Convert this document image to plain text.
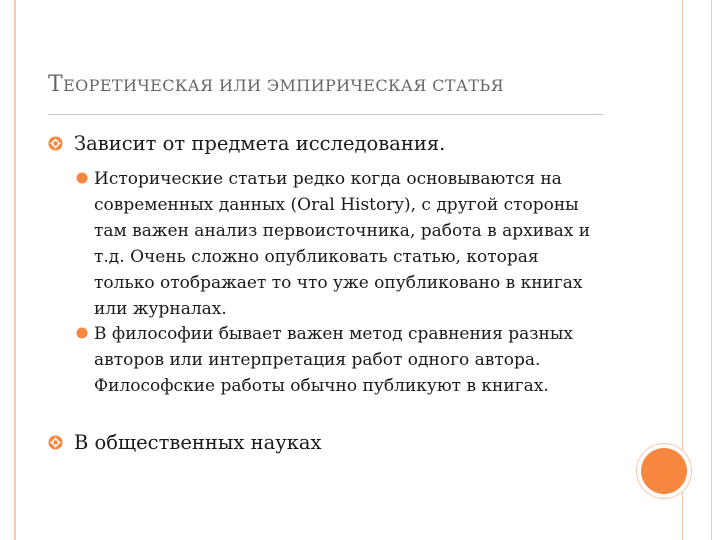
ТЕОРЕТИЧЕСКАЯ ИЛИ ЭМПИРИЧЕСКАЯ СТАТЬЯ
Зависит от предмета исследования.
Исторические статьи редко когда основываются на современных данных (Oral History), с другой стороны там важен анализ первоисточника, работа в архивах и т.д. Очень сложно опубликовать статью, которая только отображает то что уже опубликовано в книгах или журналах.
В философии бывает важен метод сравнения разных авторов или интерпретация работ одного автора. Философские работы обычно публикуют в книгах.
В общественных науках
